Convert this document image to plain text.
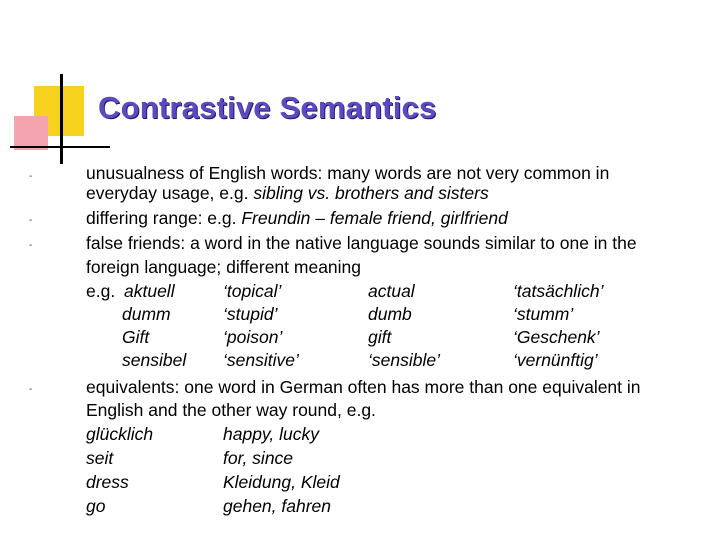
Contrastive Semantics
-	unusualness of English words: many words are not very common in
everyday usage, e.g. sibling vs. brothers and sisters
-	differing range: e.g. Freundin – female friend, girlfriend
-	false friends: a word in the native language sounds similar to one in the
foreign language; different meaning
e.g. aktuell	‘topical’	actual	‘tatsächlich’
dumm	‘stupid’	dumb	‘stumm’
Gift	‘poison’	gift	‘Geschenk’
sensibel ‘sensitive’	‘sensible’	‘vernünftig’
-	equivalents: one word in German often has more than one equivalent in
English and the other way round, e.g.
glücklich	happy, lucky
seit	for, since
dress	Kleidung, Kleid
go	gehen, fahren
